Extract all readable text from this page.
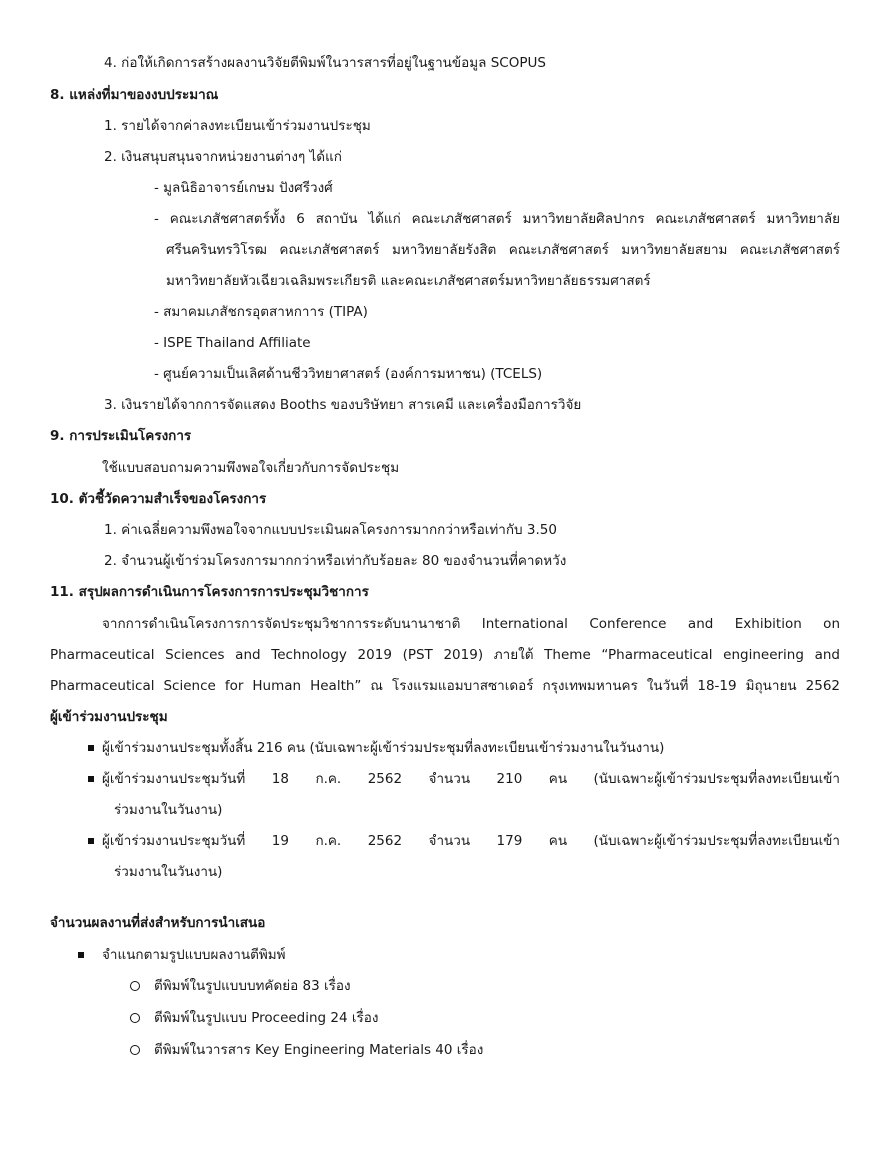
4. ก่อให้เกิดการสร้างผลงานวิจัยตีพิมพ์ในวารสารที่อยู่ในฐานข้อมูล SCOPUS
8. แหล่งที่มาของงบประมาณ
1. รายได้จากค่าลงทะเบียนเข้าร่วมงานประชุม
2. เงินสนุบสนุนจากหน่วยงานต่างๆ ได้แก่
- มูลนิธิอาจารย์เกษม ปังศรีวงศ์
- คณะเภสัชศาสตร์ทั้ง 6 สถาบัน ได้แก่ คณะเภสัชศาสตร์ มหาวิทยาลัยศิลปากร คณะเภสัชศาสตร์ มหาวิทยาลัย
ศรีนครินทรวิโรฒ คณะเภสัชศาสตร์ มหาวิทยาลัยรังสิต คณะเภสัชศาสตร์ มหาวิทยาลัยสยาม คณะเภสัชศาสตร์
มหาวิทยาลัยหัวเฉียวเฉลิมพระเกียรติ และคณะเภสัชศาสตร์มหาวิทยาลัยธรรมศาสตร์
- สมาคมเภสัชกรอุตสาหกาาร (TIPA)
- ISPE Thailand Affiliate
- ศูนย์ความเป็นเลิศด้านชีววิทยาศาสตร์ (องค์การมหาชน) (TCELS)
3. เงินรายได้จากการจัดแสดง Booths ของบริษัทยา สารเคมี และเครื่องมือการวิจัย
9. การประเมินโครงการ
ใช้แบบสอบถามความพึงพอใจเกี่ยวกับการจัดประชุม
10. ตัวชี้วัดความสำเร็จของโครงการ
1. ค่าเฉลี่ยความพึงพอใจจากแบบประเมินผลโครงการมากกว่าหรือเท่ากับ 3.50
2. จำนวนผู้เข้าร่วมโครงการมากกว่าหรือเท่ากับร้อยละ 80 ของจำนวนที่คาดหวัง
11. สรุปผลการดำเนินการโครงการการประชุมวิชาการ
จากการดำเนินโครงการการจัดประชุมวิชาการระดับนานาชาติ International Conference and Exhibition on
Pharmaceutical Sciences and Technology 2019 (PST 2019) ภายใต้ Theme “Pharmaceutical engineering and
Pharmaceutical Science for Human Health” ณ โรงแรมแอมบาสซาเดอร์ กรุงเทพมหานคร ในวันที่ 18-19 มิถุนายน 2562
ผู้เข้าร่วมงานประชุม
ผู้เข้าร่วมงานประชุมทั้งสิ้น 216 คน (นับเฉพาะผู้เข้าร่วมประชุมที่ลงทะเบียนเข้าร่วมงานในวันงาน)
ผู้เข้าร่วมงานประชุมวันที่ 18 ก.ค. 2562 จำนวน 210 คน (นับเฉพาะผู้เข้าร่วมประชุมที่ลงทะเบียนเข้า
ร่วมงานในวันงาน)
ผู้เข้าร่วมงานประชุมวันที่ 19 ก.ค. 2562 จำนวน 179 คน (นับเฉพาะผู้เข้าร่วมประชุมที่ลงทะเบียนเข้า
ร่วมงานในวันงาน)
จำนวนผลงานที่ส่งสำหรับการนำเสนอ
จำแนกตามรูปแบบผลงานตีพิมพ์
ตีพิมพ์ในรูปแบบบทคัดย่อ 83 เรื่อง
ตีพิมพ์ในรูปแบบ Proceeding 24 เรื่อง
ตีพิมพ์ในวารสาร Key Engineering Materials 40 เรื่อง
